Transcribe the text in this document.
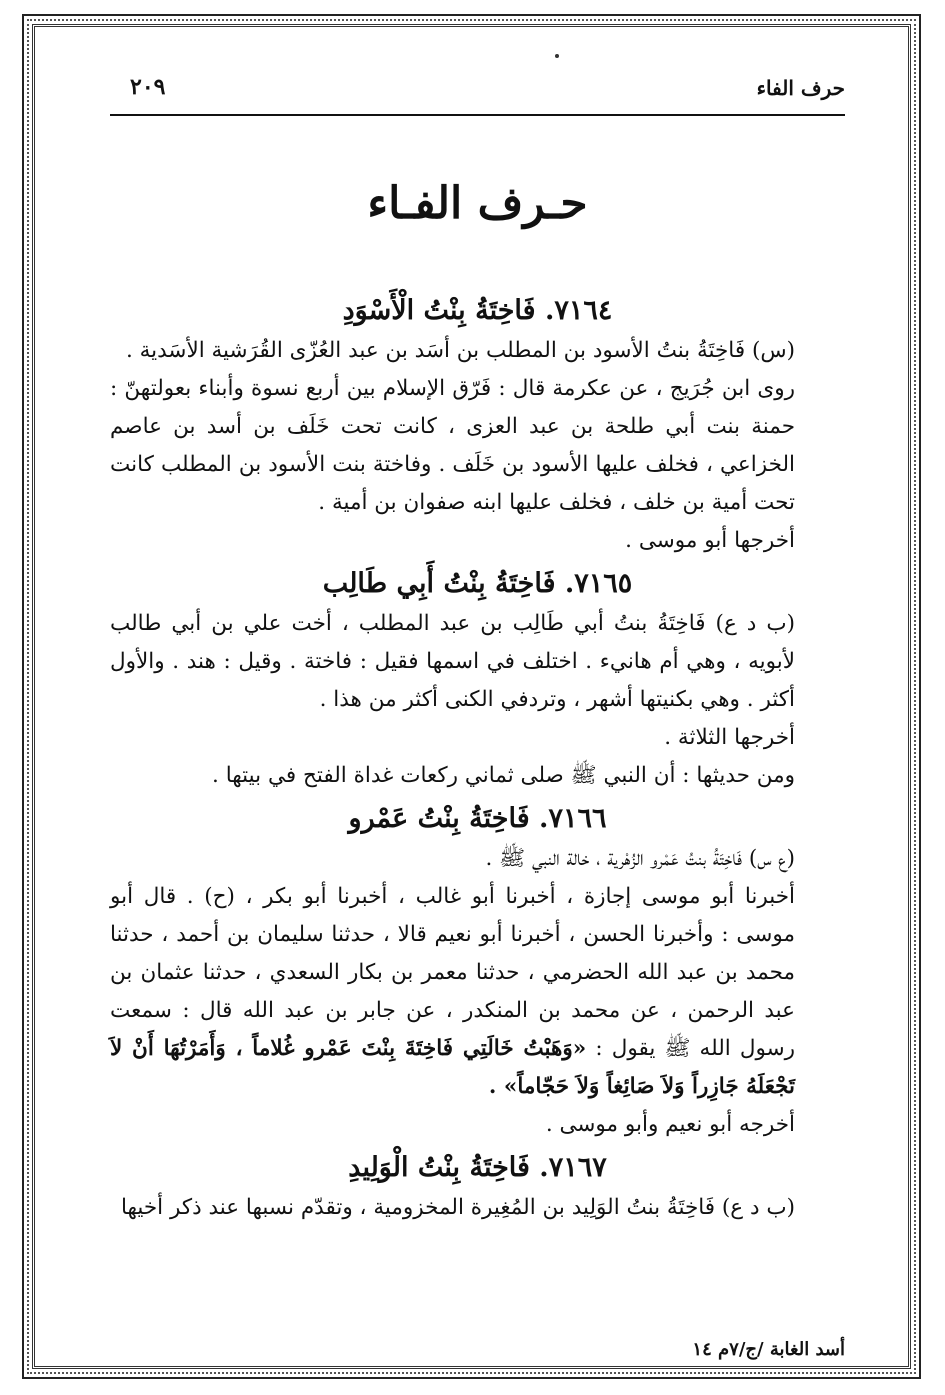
حرف الفاء
٢٠٩
حـرف الفـاء
٧١٦٤. فَاخِتَةُ بِنْتُ الْأَسْوَدِ

(س) فَاخِتَةُ بنتُ الأسود بن المطلب بن أسَد بن عبد العُزّى القُرَشية الأسَدية .

روى ابن جُرَيج ، عن عكرمة قال : فَرّق الإسلام بين أربع نسوة وأبناء بعولتهنّ : حمنة بنت أبي طلحة بن عبد العزى ، كانت تحت خَلَف بن أسد بن عاصم الخزاعي ، فخلف عليها الأسود بن خَلَف . وفاختة بنت الأسود بن المطلب كانت تحت أمية بن خلف ، فخلف عليها ابنه صفوان بن أمية .

أخرجها أبو موسى .

٧١٦٥. فَاخِتَةُ بِنْتُ أَبِي طَالِب

(ب د ع) فَاخِتَةُ بنتُ أبي طَالِب بن عبد المطلب ، أخت علي بن أبي طالب لأبويه ، وهي أم هانيء . اختلف في اسمها فقيل : فاختة . وقيل : هند . والأول أكثر . وهي بكنيتها أشهر ، وتردفي الكنى أكثر من هذا .

أخرجها الثلاثة .

ومن حديثها : أن النبي ﷺ صلى ثماني ركعات غداة الفتح في بيتها .

٧١٦٦. فَاخِتَةُ بِنْتُ عَمْرو

(ع س) فَاخِتَةُ بنتُ عَمْرو الزُهْرية ، خالة النبي ﷺ .

أخبرنا أبو موسى إجازة ، أخبرنا أبو غالب ، أخبرنا أبو بكر ، (ح) . قال أبو موسى : وأخبرنا الحسن ، أخبرنا أبو نعيم قالا ، حدثنا سليمان بن أحمد ، حدثنا محمد بن عبد الله الحضرمي ، حدثنا معمر بن بكار السعدي ، حدثنا عثمان بن عبد الرحمن ، عن محمد بن المنكدر ، عن جابر بن عبد الله قال : سمعت رسول الله ﷺ يقول : «وَهَبْتُ خَالَتِي فَاخِتَةَ بِنْتَ عَمْرو غُلاماً ، وَأَمَرْتُهَا أَنْ لاَ تَجْعَلَهُ جَازِراً وَلاَ صَائِغاً وَلاَ حَجّاماً» .

أخرجه أبو نعيم وأبو موسى .

٧١٦٧. فَاخِتَةُ بِنْتُ الْوَلِيدِ

(ب د ع) فَاخِتَةُ بنتُ الوَلِيد بن المُغِيرة المخزومية ، وتقدّم نسبها عند ذكر أخيها

أسد الغابة /ج/٧م ١٤
